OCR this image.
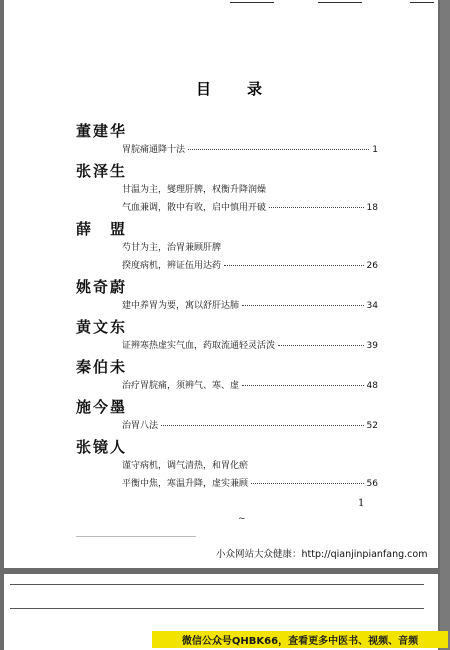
目 录
董建华
胃脘痛通降十法	1
张泽生
甘温为主，燮理肝脾，权衡升降润燥
气血兼调，散中有收，启中慎用开破	18
薛　盟
芍甘为主，治胃兼顾肝脾
揆度病机，辨证伍用达药	26
姚奇蔚
建中养胃为要，寓以舒肝达肺	34
黄文东
证辨寒热虚实气血，药取流通轻灵活泼	39
秦伯未
治疗胃脘痛，须辨气、寒、虚	48
施今墨
治胃八法	52
张镜人
谨守病机，调气清热，和胃化瘀
平衡中焦，寒温升降，虚实兼顾	56
1
~
小众网站大众健康：http://qianjinpianfang.com
微信公众号QHBK66，查看更多中医书、视频、音频
